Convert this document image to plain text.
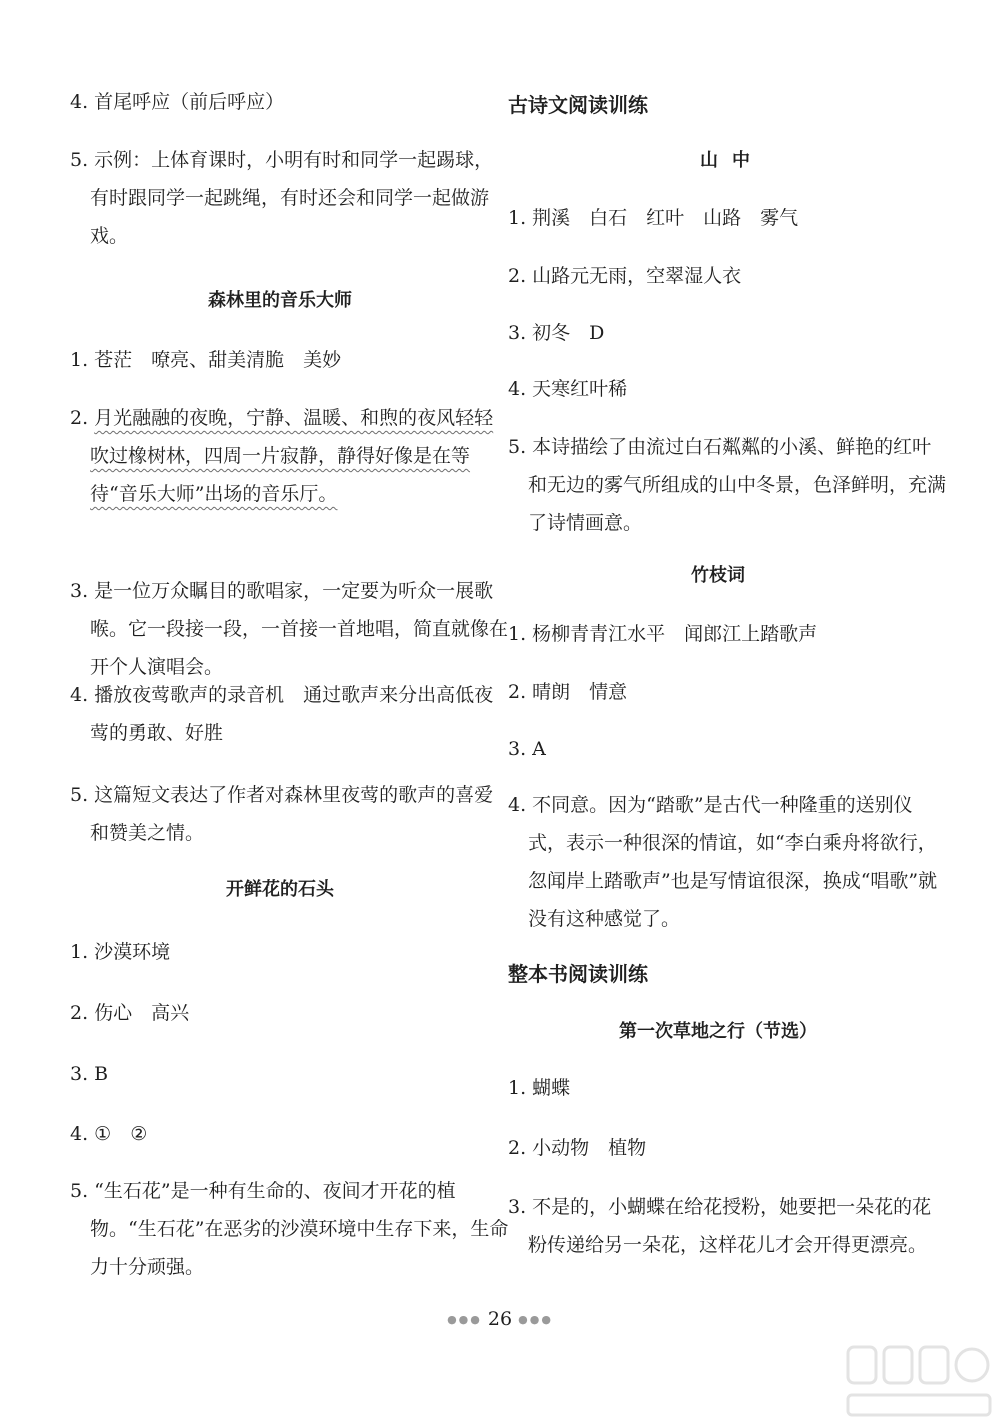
4. 首尾呼应（前后呼应）
5. 示例：上体育课时，小明有时和同学一起踢球，有时跟同学一起跳绳，有时还会和同学一起做游戏。
森林里的音乐大师
1. 苍茫　嘹亮、甜美清脆　美妙
2. 月光融融的夜晚，宁静、温暖、和煦的夜风轻轻吹过橡树林，四周一片寂静，静得好像是在等待“音乐大师”出场的音乐厅。
3. 是一位万众瞩目的歌唱家，一定要为听众一展歌喉。它一段接一段，一首接一首地唱，简直就像在开个人演唱会。
4. 播放夜莺歌声的录音机　通过歌声来分出高低夜莺的勇敢、好胜
5. 这篇短文表达了作者对森林里夜莺的歌声的喜爱和赞美之情。
开鲜花的石头
1. 沙漠环境
2. 伤心　高兴
3. B
4. ①　②
5. “生石花”是一种有生命的、夜间才开花的植物。“生石花”在恶劣的沙漠环境中生存下来，生命力十分顽强。
古诗文阅读训练
山中
1. 荆溪　白石　红叶　山路　雾气
2. 山路元无雨，空翠湿人衣
3. 初冬　D
4. 天寒红叶稀
5. 本诗描绘了由流过白石粼粼的小溪、鲜艳的红叶和无边的雾气所组成的山中冬景，色泽鲜明，充满了诗情画意。
竹枝词
1. 杨柳青青江水平　闻郎江上踏歌声
2. 晴朗　情意
3. A
4. 不同意。因为“踏歌”是古代一种隆重的送别仪式，表示一种很深的情谊，如“李白乘舟将欲行，忽闻岸上踏歌声”也是写情谊很深，换成“唱歌”就没有这种感觉了。
整本书阅读训练
第一次草地之行（节选）
1. 蝴蝶
2. 小动物　植物
3. 不是的，小蝴蝶在给花授粉，她要把一朵花的花粉传递给另一朵花，这样花儿才会开得更漂亮。
●●● 26 ●●●
